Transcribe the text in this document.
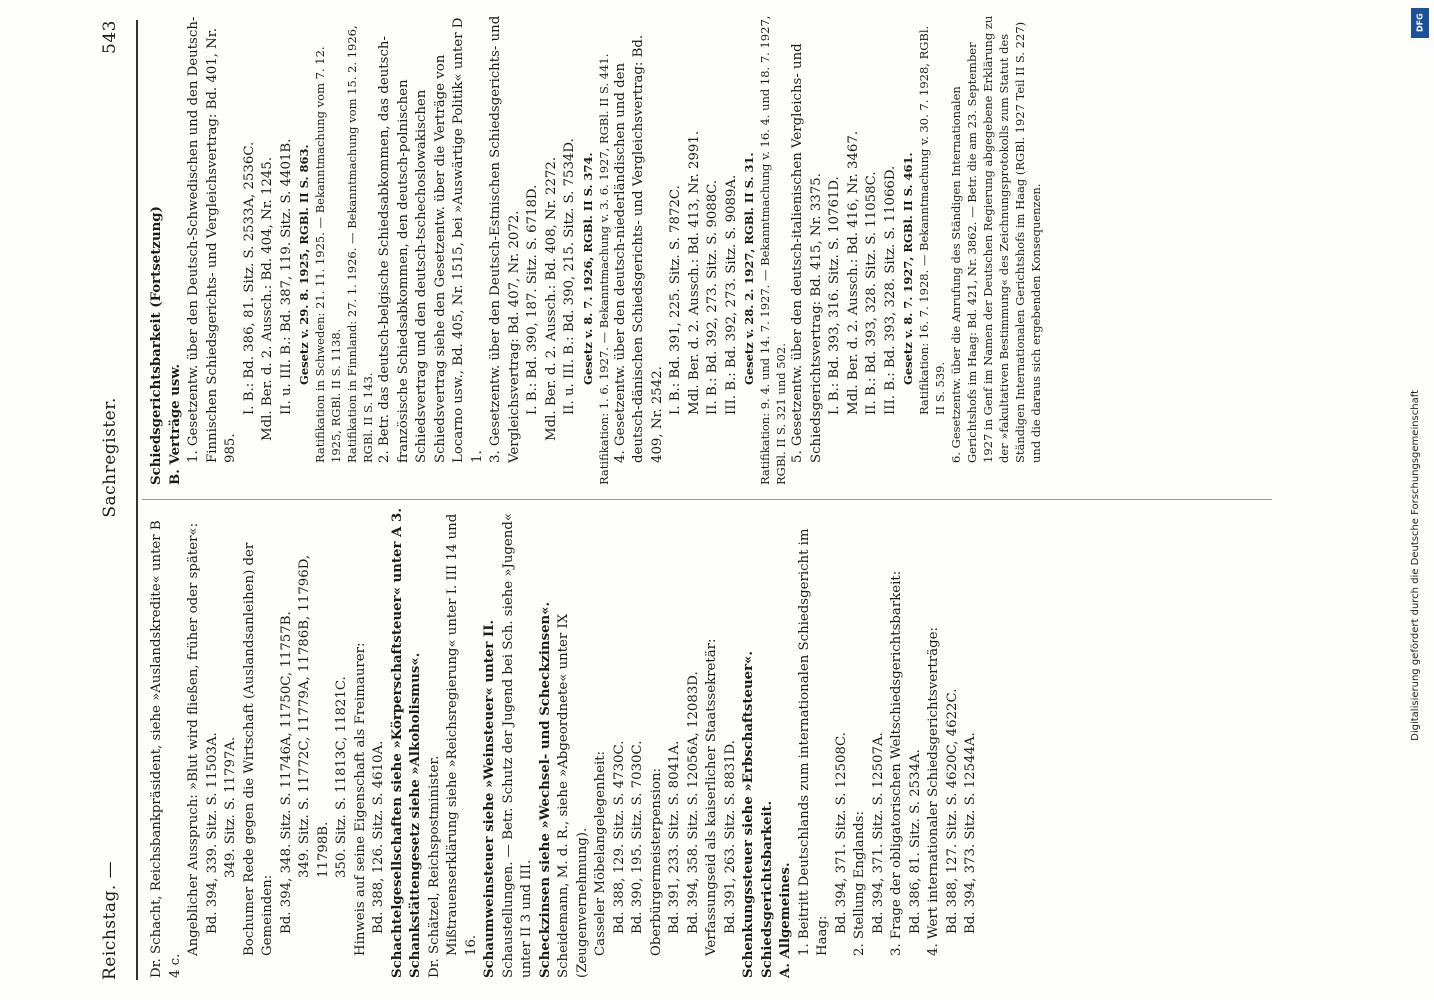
Reichstag. —
Sachregister.
543

Dr. Schacht, Reichsbankpräsident, siehe »Auslandskredite« unter B 4 c.

Angeblicher Ausspruch: »Blut wird fließen, früher oder später«: Bd. 394, 339. Sitz. S. 11503A. 349. Sitz. S. 11797A. Bochumer Rede gegen die Wirtschaft (Auslandsanleihen) der Gemeinden: Bd. 394, 348. Sitz. S. 11746A, 11750C, 11757B. 349. Sitz. S. 11772C, 11779A, 11786B, 11796D, 11798B. 350. Sitz. S. 11813C, 11821C. Hinweis auf seine Eigenschaft als Freimaurer: Bd. 388, 126. Sitz. S. 4610A. Schachtelgesellschaften siehe »Körperschaftsteuer« unter A 3. Schankstättengesetz siehe »Alkoholismus«. Dr. Schätzel, Reichspostminister. Mißtrauenserklärung siehe »Reichsregierung« unter I. III 14 und 16. Schaumweinsteuer siehe »Weinsteuer« unter II. Schaustellungen. — Betr. Schutz der Jugend bei Sch. siehe »Jugend« unter II 3 und III. Scheckzinsen siehe »Wechsel- und Scheckzinsen«. Scheidemann, M. d. R., siehe »Abgeordnete« unter IX (Zeugenvernehmung). Casseler Möbelangelegenheit: Bd. 388, 129. Sitz. S. 4730C. Bd. 390, 195. Sitz. S. 7030C. Oberbürgermeisterpension: Bd. 391, 233. Sitz. S. 8041A. Bd. 394, 358. Sitz. S. 12056A, 12083D. Verfassungseid als kaiserlicher Staatssekretär: Bd. 391, 263. Sitz. S. 8831D. Schenkungssteuer siehe »Erbschaftsteuer«. Schiedsgerichtsbarkeit. A. Allgemeines. 1. Beitritt Deutschlands zum internationalen Schiedsgericht im Haag:

Bd. 394, 371. Sitz. S. 12508C. 2. Stellung Englands: Bd. 394, 371. Sitz. S. 12507A. 3. Frage der obligatorischen Weltschiedsgerichtsbarkeit: Bd. 386, 81. Sitz. S. 2534A. 4. Wert internationaler Schiedsgerichtsverträge: Bd. 388, 127. Sitz. S. 4620C, 4622C. Bd. 394, 373. Sitz. S. 12544A.

Schiedsgerichtsbarkeit (Fortsetzung) B. Verträge usw. 1. Gesetzentw. über den Deutsch-Schwedischen und den Deutsch-Finnischen Schiedsgerichts- und Vergleichsvertrag: Bd. 401, Nr. 985.

I. B.: Bd. 386, 81. Sitz. S. 2533A, 2536C. Mdl. Ber. d. 2. Aussch.: Bd. 404, Nr. 1245. II. u. III. B.: Bd. 387, 119. Sitz. S. 4401B. Gesetz v. 29. 8. 1925, RGBl. II S. 863. Ratifikation in Schweden: 21. 11. 1925. — Bekanntmachung vom 7. 12. 1925, RGBl. II S. 1138. Ratifikation in Finnland: 27. 1. 1926. — Bekanntmachung vom 15. 2. 1926, RGBl. II S. 143. 2. Betr. das deutsch-belgische Schiedsabkommen, das deutsch-französische Schiedsabkommen, den deutsch-polnischen Schiedsvertrag und den deutsch-tschechoslowakischen Schiedsvertrag siehe den Gesetzentw. über die Verträge von Locarno usw., Bd. 405, Nr. 1515, bei »Auswärtige Politik« unter D 1. 3. Gesetzentw. über den Deutsch-Estnischen Schiedsgerichts- und Vergleichsvertrag: Bd. 407, Nr. 2072. I. B.: Bd. 390, 187. Sitz. S. 6718D. Mdl. Ber. d. 2. Aussch.: Bd. 408, Nr. 2272. II. u. III. B.: Bd. 390, 215. Sitz. S. 7534D. Gesetz v. 8. 7. 1926, RGBl. II S. 374. Ratifikation: 1. 6. 1927. — Bekanntmachung v. 3. 6. 1927, RGBl. II S. 441. 4. Gesetzentw. über den deutsch-niederländischen und den deutsch-dänischen Schiedsgerichts- und Vergleichsvertrag: Bd. 409, Nr. 2542. I. B.: Bd. 391, 225. Sitz. S. 7872C. Mdl. Ber. d. 2. Aussch.: Bd. 413, Nr. 2991. II. B.: Bd. 392, 273. Sitz. S. 9088C. III. B.: Bd. 392, 273. Sitz. S. 9089A. Gesetz v. 28. 2. 1927, RGBl. II S. 31. Ratifikation: 9. 4. und 14. 7. 1927. — Bekanntmachung v. 16. 4. und 18. 7. 1927, RGBl. II S. 321 und 502. 5. Gesetzentw. über den deutsch-italienischen Vergleichs- und Schiedsgerichtsvertrag: Bd. 415, Nr. 3375. I. B.: Bd. 393, 316. Sitz. S. 10761D. Mdl. Ber. d. 2. Aussch.: Bd. 416, Nr. 3467. II. B.: Bd. 393, 328. Sitz. S. 11058C. III. B.: Bd. 393, 328. Sitz. S. 11066D. Gesetz v. 8. 7. 1927, RGBl. II S. 461. Ratifikation: 16. 7. 1928. — Bekanntmachung v. 30. 7. 1928, RGBl. II S. 539. 6. Gesetzentw. über die Anrufung des Ständigen Internationalen Gerichtshofs im Haag: Bd. 421, Nr. 3862. — Betr. die am 23. September 1927 in Genf im Namen der Deutschen Regierung abgegebene Erklärung zu der »fakultativen Bestimmung« des Zeichnungsprotokolls zum Statut des Ständigen Internationalen Gerichtshofs im Haag (RGBl. 1927 Teil II S. 227) und die daraus sich ergebenden Konsequenzen.

DFG
Digitalisierung gefördert durch die Deutsche Forschungsgemeinschaft
